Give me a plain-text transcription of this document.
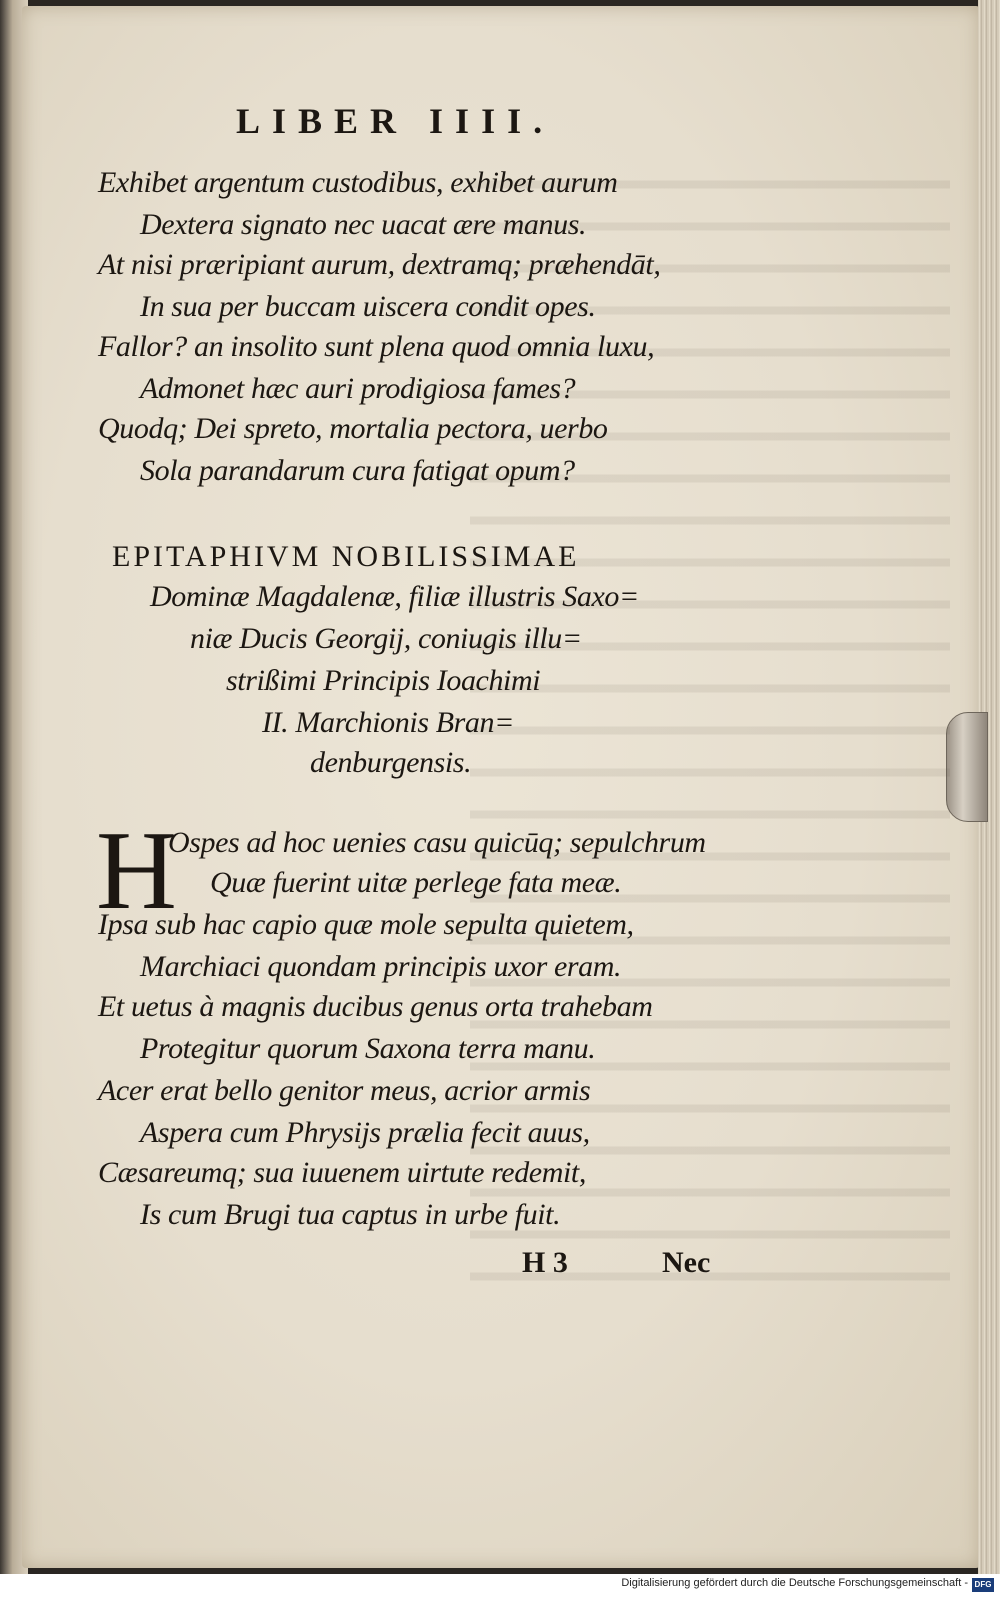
LIBER IIII.
Exhibet argentum custodibus, exhibet aurum
Dextera signato nec uacat ære manus.
At nisi præripiant aurum, dextramq; præhendāt,
In sua per buccam uiscera condit opes.
Fallor? an insolito sunt plena quod omnia luxu,
Admonet hæc auri prodigiosa fames?
Quodq; Dei spreto, mortalia pectora, uerbo
Sola parandarum cura fatigat opum?
EPITAPHIVM NOBILISSIMAE
Dominæ Magdalenæ, filiæ illustris Saxo=
niæ Ducis Georgij, coniugis illu=
strißimi Principis Ioachimi
II. Marchionis Bran=
denburgensis.
H
Ospes ad hoc uenies casu quicūq; sepulchrum
Quæ fuerint uitæ perlege fata meæ.
Ipsa sub hac capio quæ mole sepulta quietem,
Marchiaci quondam principis uxor eram.
Et uetus à magnis ducibus genus orta trahebam
Protegitur quorum Saxona terra manu.
Acer erat bello genitor meus, acrior armis
Aspera cum Phrysijs prælia fecit auus,
Cæsareumq; sua iuuenem uirtute redemit,
Is cum Brugi tua captus in urbe fuit.
H 3	Nec
Digitalisierung gefördert durch die Deutsche Forschungsgemeinschaft - DFG
